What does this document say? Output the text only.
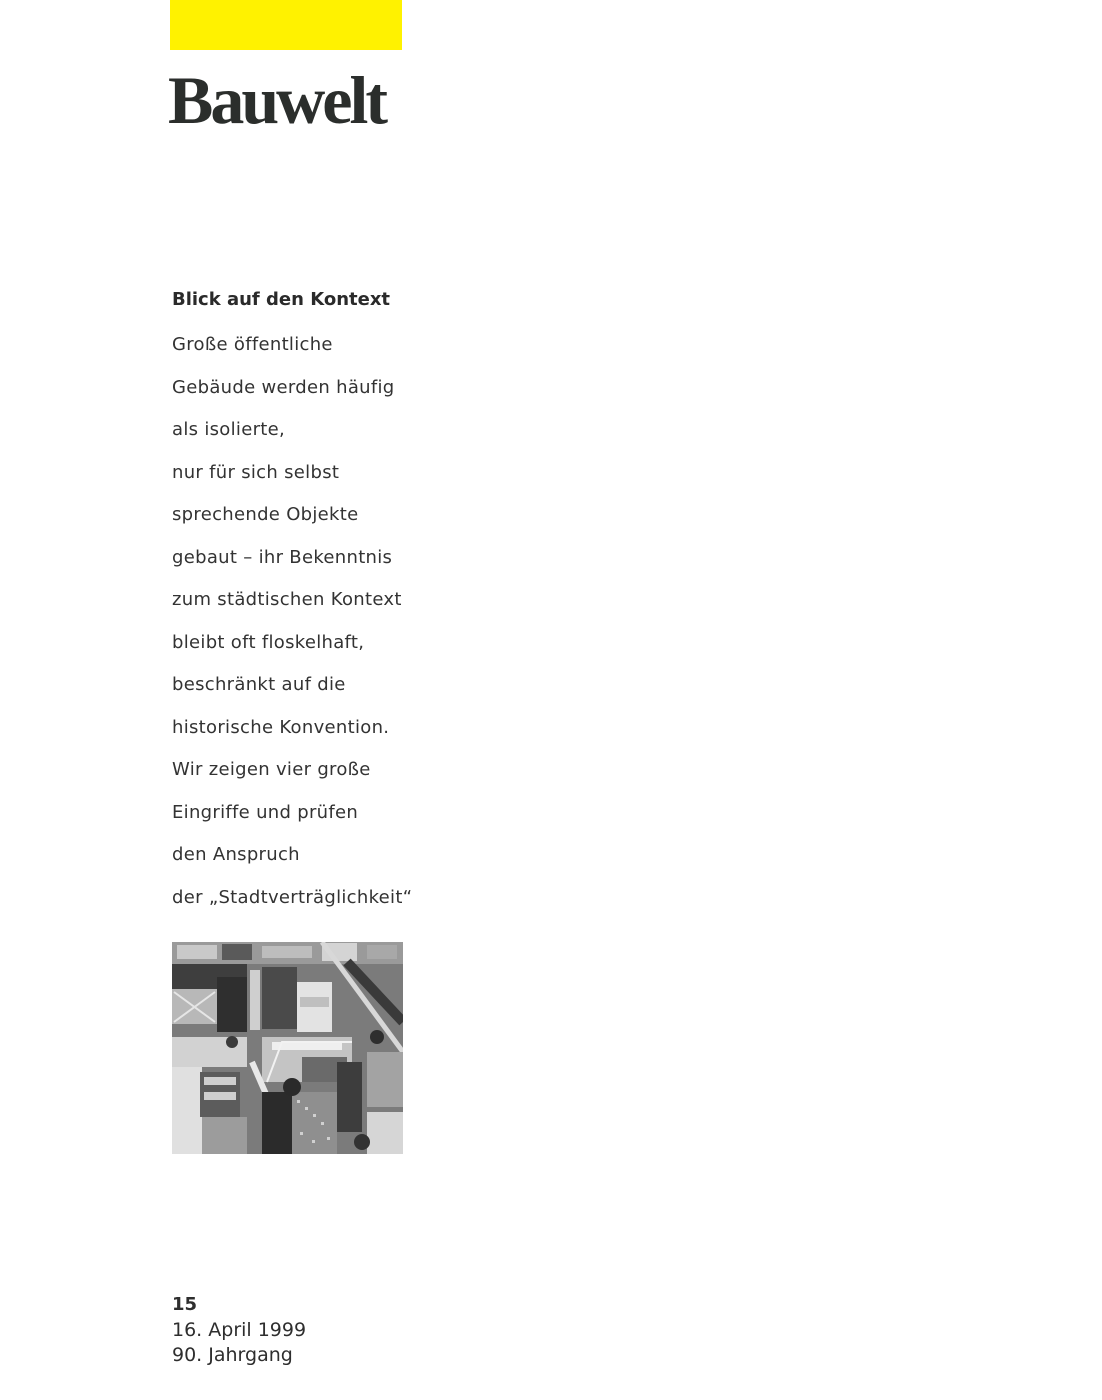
Bauwelt
Blick auf den Kontext
Große öffentliche
Gebäude werden häufig
als isolierte,
nur für sich selbst
sprechende Objekte
gebaut – ihr Bekenntnis
zum städtischen Kontext
bleibt oft floskelhaft,
beschränkt auf die
historische Konvention.
Wir zeigen vier große
Eingriffe und prüfen
den Anspruch
der „Stadtverträglichkeit“
15
16. April 1999
90. Jahrgang
